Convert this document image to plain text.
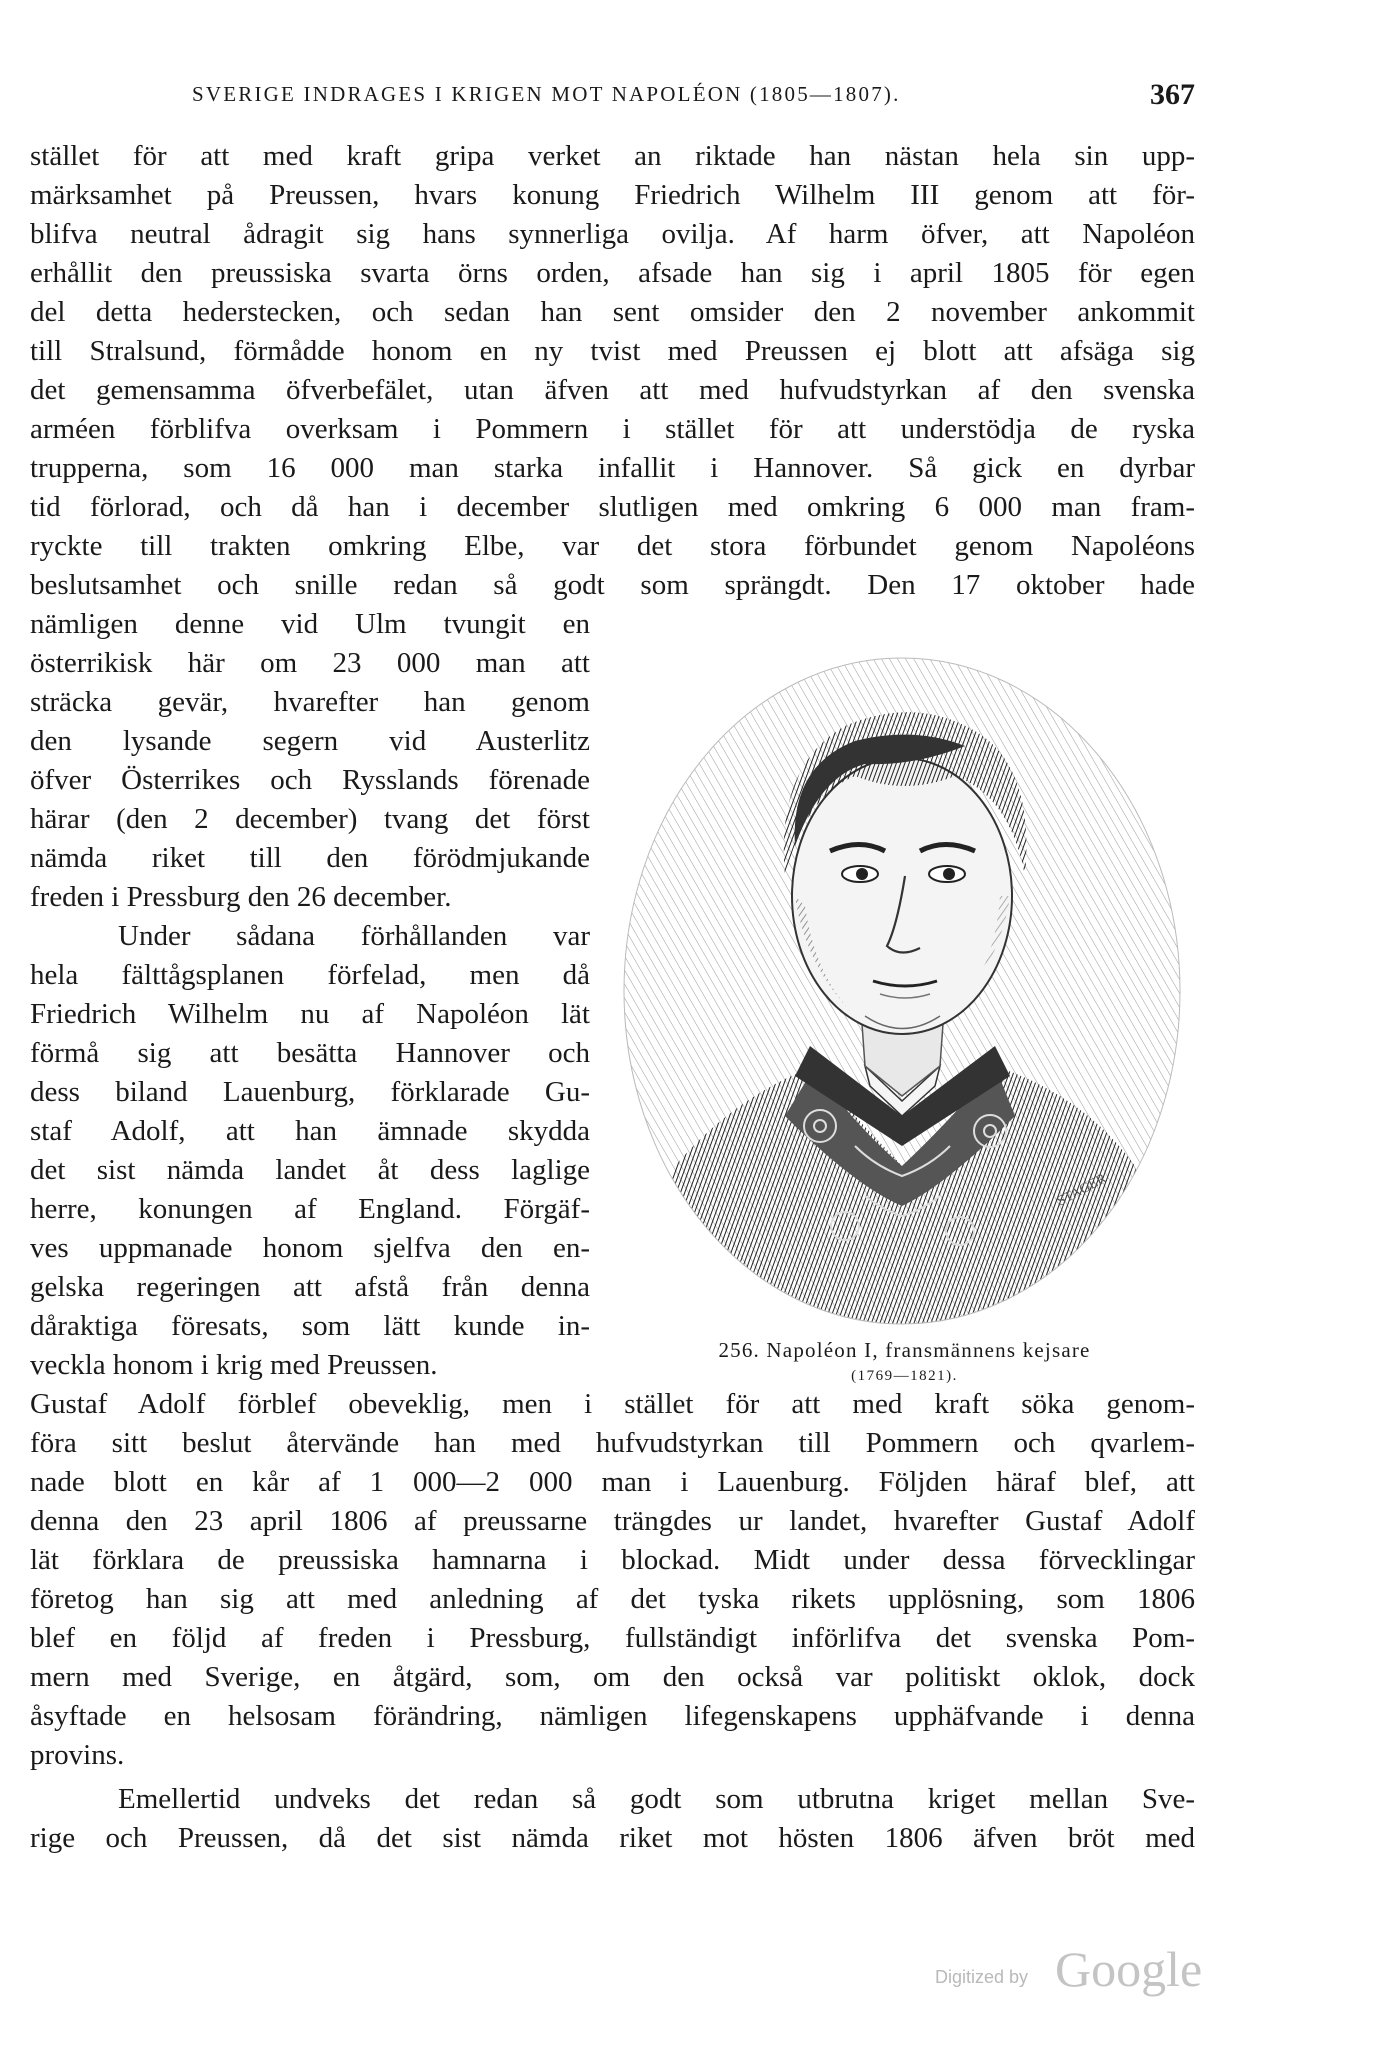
SVERIGE INDRAGES I KRIGEN MOT NAPOLÉON (1805—1807).	367
stället för att med kraft gripa verket an riktade han nästan hela sin upp-
märksamhet på Preussen, hvars konung Friedrich Wilhelm III genom att för-
blifva neutral ådragit sig hans synnerliga ovilja. Af harm öfver, att Napoléon
erhållit den preussiska svarta örns orden, afsade han sig i april 1805 för egen
del detta hederstecken, och sedan han sent omsider den 2 november ankommit
till Stralsund, förmådde honom en ny tvist med Preussen ej blott att afsäga sig
det gemensamma öfverbefälet, utan äfven att med hufvudstyrkan af den svenska
arméen förblifva overksam i Pommern i stället för att understödja de ryska
trupperna, som 16 000 man starka infallit i Hannover. Så gick en dyrbar
tid förlorad, och då han i december slutligen med omkring 6 000 man fram-
ryckte till trakten omkring Elbe, var det stora förbundet genom Napoléons
beslutsamhet och snille redan så godt som sprängdt. Den 17 oktober hade
nämligen denne vid Ulm tvungit en
österrikisk här om 23 000 man att
sträcka gevär, hvarefter han genom
den lysande segern vid Austerlitz
öfver Österrikes och Rysslands förenade
härar (den 2 december) tvang det först
nämda riket till den förödmjukande
freden i Pressburg den 26 december.
Under sådana förhållanden var
hela fälttågsplanen förfelad, men då
Friedrich Wilhelm nu af Napoléon lät
förmå sig att besätta Hannover och
dess biland Lauenburg, förklarade Gu-
staf Adolf, att han ämnade skydda
det sist nämda landet åt dess laglige
herre, konungen af England. Förgäf-
ves uppmanade honom sjelfva den en-
gelska regeringen att afstå från denna
dåraktiga föresats, som lätt kunde in-
veckla honom i krig med Preussen.
Gustaf Adolf förblef obeveklig, men i stället för att med kraft söka genom-
föra sitt beslut återvände han med hufvudstyrkan till Pommern och qvarlem-
nade blott en kår af 1 000—2 000 man i Lauenburg. Följden häraf blef, att
denna den 23 april 1806 af preussarne trängdes ur landet, hvarefter Gustaf Adolf
lät förklara de preussiska hamnarna i blockad. Midt under dessa förvecklingar
företog han sig att med anledning af det tyska rikets upplösning, som 1806
blef en följd af freden i Pressburg, fullständigt införlifva det svenska Pom-
mern med Sverige, en åtgärd, som, om den också var politiskt oklok, dock
åsyftade en helsosam förändring, nämligen lifegenskapens upphäfvande i denna
provins.
Emellertid undveks det redan så godt som utbrutna kriget mellan Sve-
rige och Preussen, då det sist nämda riket mot hösten 1806 äfven bröt med
STAGER
256. Napoléon I, fransmännens kejsare
(1769—1821).
Digitized by Google
